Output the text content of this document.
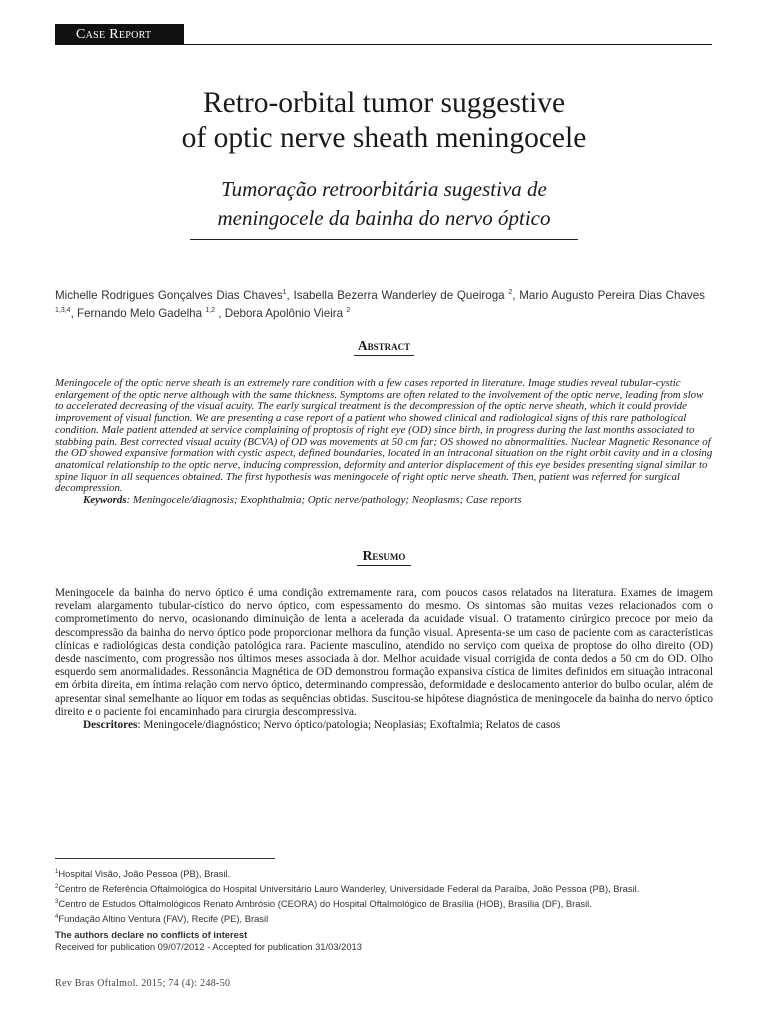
Case Report
Retro-orbital tumor suggestive
of optic nerve sheath meningocele
Tumoração retroorbitária sugestiva de
meningocele da bainha do nervo óptico
Michelle Rodrigues Gonçalves Dias Chaves$^1$, Isabella Bezerra Wanderley de Queiroga $^2$, Mario Augusto Pereira Dias Chaves $^{1,3,4}$, Fernando Melo Gadelha $^{1,2}$ , Debora Apolônio Vieira $^2$
Abstract

Meningocele of the optic nerve sheath is an extremely rare condition with a few cases reported in literature. Image studies reveal tubular-cystic enlargement of the optic nerve although with the same thickness. Symptoms are often related to the involvement of the optic nerve, leading from slow to accelerated decreasing of the visual acuity. The early surgical treatment is the decompression of the optic nerve sheath, which it could provide improvement of visual function. We are presenting a case report of a patient who showed clinical and radiological signs of this rare pathological condition. Male patient attended at service complaining of proptosis of right eye (OD) since birth, in progress during the last months associated to stabbing pain. Best corrected visual acuity (BCVA) of OD was movements at 50 cm far; OS showed no abnormalities. Nuclear Magnetic Resonance of the OD showed expansive formation with cystic aspect, defined boundaries, located in an intraconal situation on the right orbit cavity and in a closing anatomical relationship to the optic nerve, inducing compression, deformity and anterior displacement of this eye besides presenting signal similar to spine liquor in all sequences obtained. The first hypothesis was meningocele of right optic nerve sheath. Then, patient was referred for surgical decompression.

Keywords: Meningocele/diagnosis; Exophthalmia; Optic nerve/pathology; Neoplasms; Case reports
Resumo

Meningocele da bainha do nervo óptico é uma condição extremamente rara, com poucos casos relatados na literatura. Exames de imagem revelam alargamento tubular-cístico do nervo óptico, com espessamento do mesmo. Os sintomas são muitas vezes relacionados com o comprometimento do nervo, ocasionando diminuição de lenta a acelerada da acuidade visual. O tratamento cirúrgico precoce por meio da descompressão da bainha do nervo óptico pode proporcionar melhora da função visual. Apresenta-se um caso de paciente com as características clínicas e radiológicas desta condição patológica rara. Paciente masculino, atendido no serviço com queixa de proptose do olho direito (OD) desde nascimento, com progressão nos últimos meses associada à dor. Melhor acuidade visual corrigida de conta dedos a 50 cm do OD. Olho esquerdo sem anormalidades. Ressonância Magnética de OD demonstrou formação expansiva cística de limites definidos em situação intraconal em órbita direita, em íntima relação com nervo óptico, determinando compressão, deformidade e deslocamento anterior do bulbo ocular, além de apresentar sinal semelhante ao líquor em todas as sequências obtidas. Suscitou-se hipótese diagnóstica de meningocele da bainha do nervo óptico direito e o paciente foi encaminhado para cirurgia descompressiva.

Descritores: Meningocele/diagnóstico; Nervo óptico/patologia; Neoplasias; Exoftalmia; Relatos de casos
$^1$Hospital Visão, João Pessoa (PB), Brasil.
$^2$Centro de Referência Oftalmológica do Hospital Universitário Lauro Wanderley, Universidade Federal da Paraíba, João Pessoa (PB), Brasil.
$^3$Centro de Estudos Oftalmológicos Renato Ambrósio (CEORA) do Hospital Oftalmológico de Brasília (HOB), Brasília (DF), Brasil.
$^4$Fundação Altino Ventura (FAV), Recife (PE), Brasil
The authors declare no conflicts of interest
Received for publication 09/07/2012 - Accepted for publication 31/03/2013
Rev Bras Oftalmol. 2015; 74 (4): 248-50
